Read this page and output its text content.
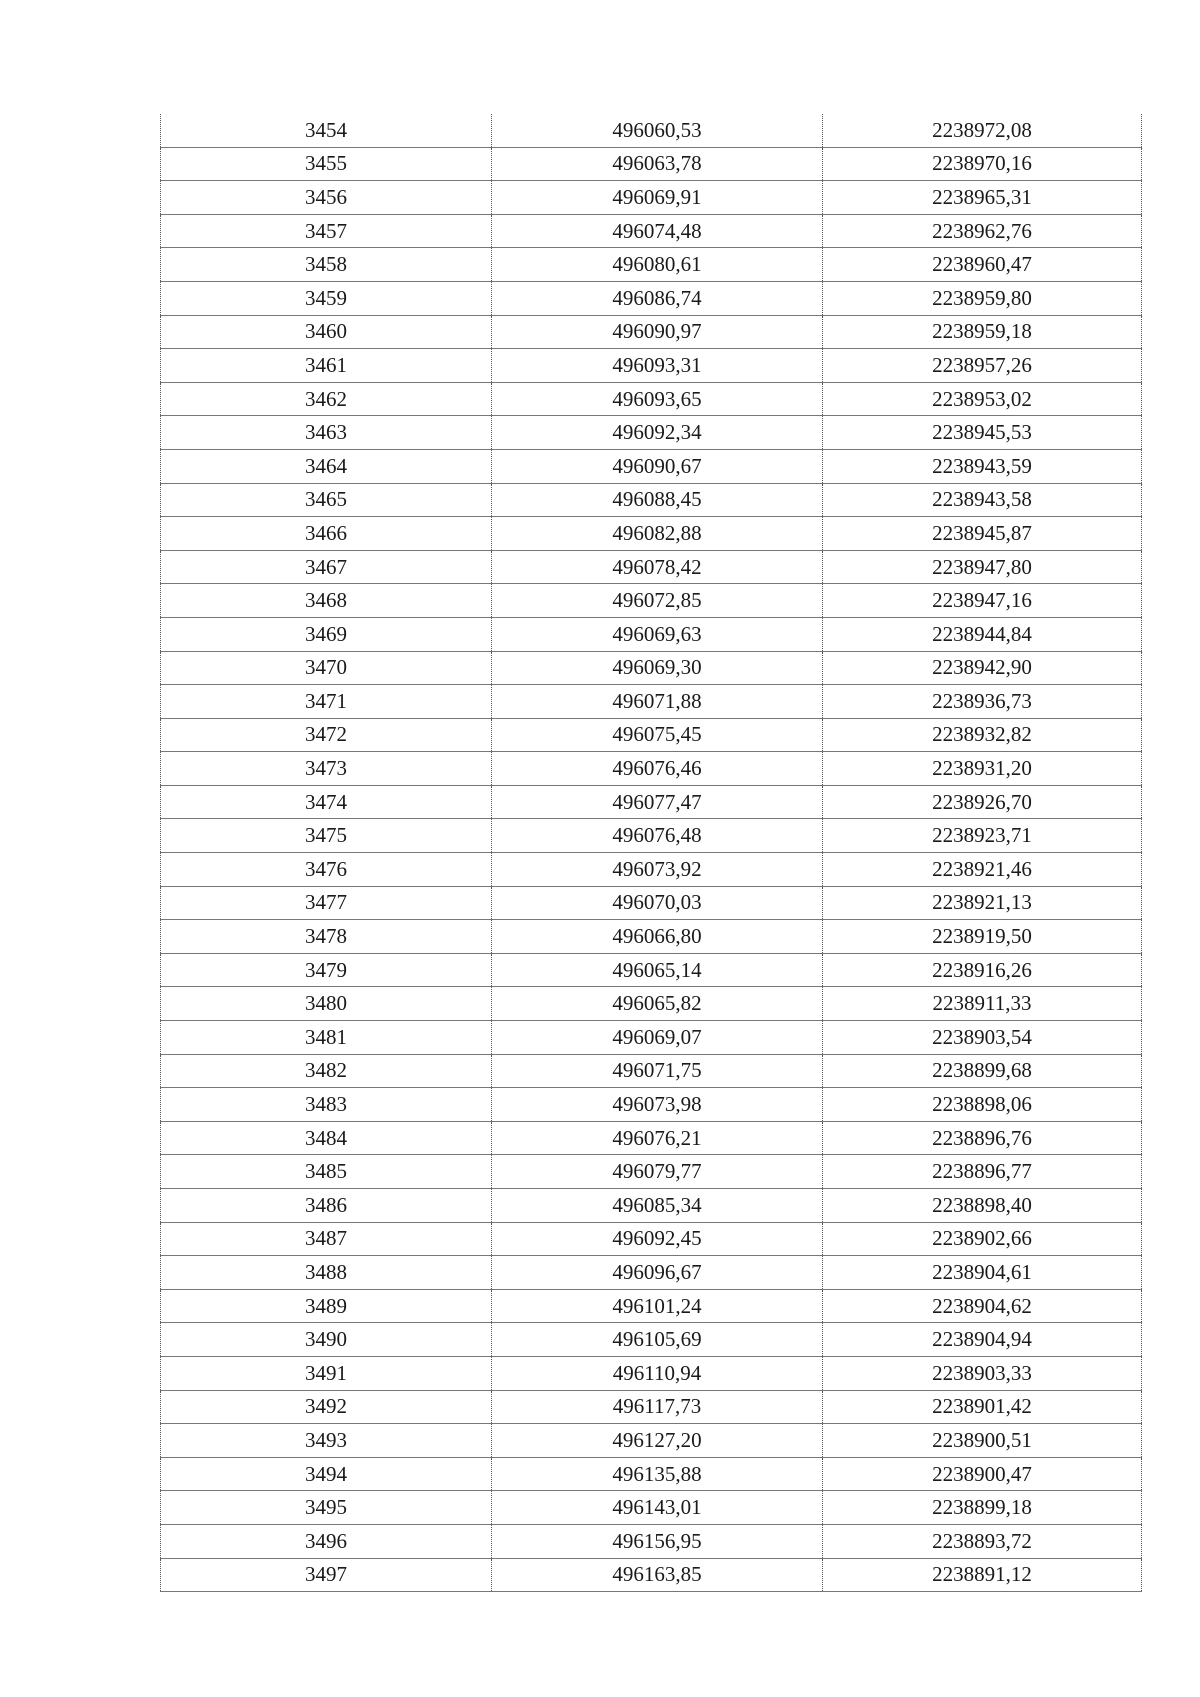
3454	496060,53	2238972,08
3455	496063,78	2238970,16
3456	496069,91	2238965,31
3457	496074,48	2238962,76
3458	496080,61	2238960,47
3459	496086,74	2238959,80
3460	496090,97	2238959,18
3461	496093,31	2238957,26
3462	496093,65	2238953,02
3463	496092,34	2238945,53
3464	496090,67	2238943,59
3465	496088,45	2238943,58
3466	496082,88	2238945,87
3467	496078,42	2238947,80
3468	496072,85	2238947,16
3469	496069,63	2238944,84
3470	496069,30	2238942,90
3471	496071,88	2238936,73
3472	496075,45	2238932,82
3473	496076,46	2238931,20
3474	496077,47	2238926,70
3475	496076,48	2238923,71
3476	496073,92	2238921,46
3477	496070,03	2238921,13
3478	496066,80	2238919,50
3479	496065,14	2238916,26
3480	496065,82	2238911,33
3481	496069,07	2238903,54
3482	496071,75	2238899,68
3483	496073,98	2238898,06
3484	496076,21	2238896,76
3485	496079,77	2238896,77
3486	496085,34	2238898,40
3487	496092,45	2238902,66
3488	496096,67	2238904,61
3489	496101,24	2238904,62
3490	496105,69	2238904,94
3491	496110,94	2238903,33
3492	496117,73	2238901,42
3493	496127,20	2238900,51
3494	496135,88	2238900,47
3495	496143,01	2238899,18
3496	496156,95	2238893,72
3497	496163,85	2238891,12
